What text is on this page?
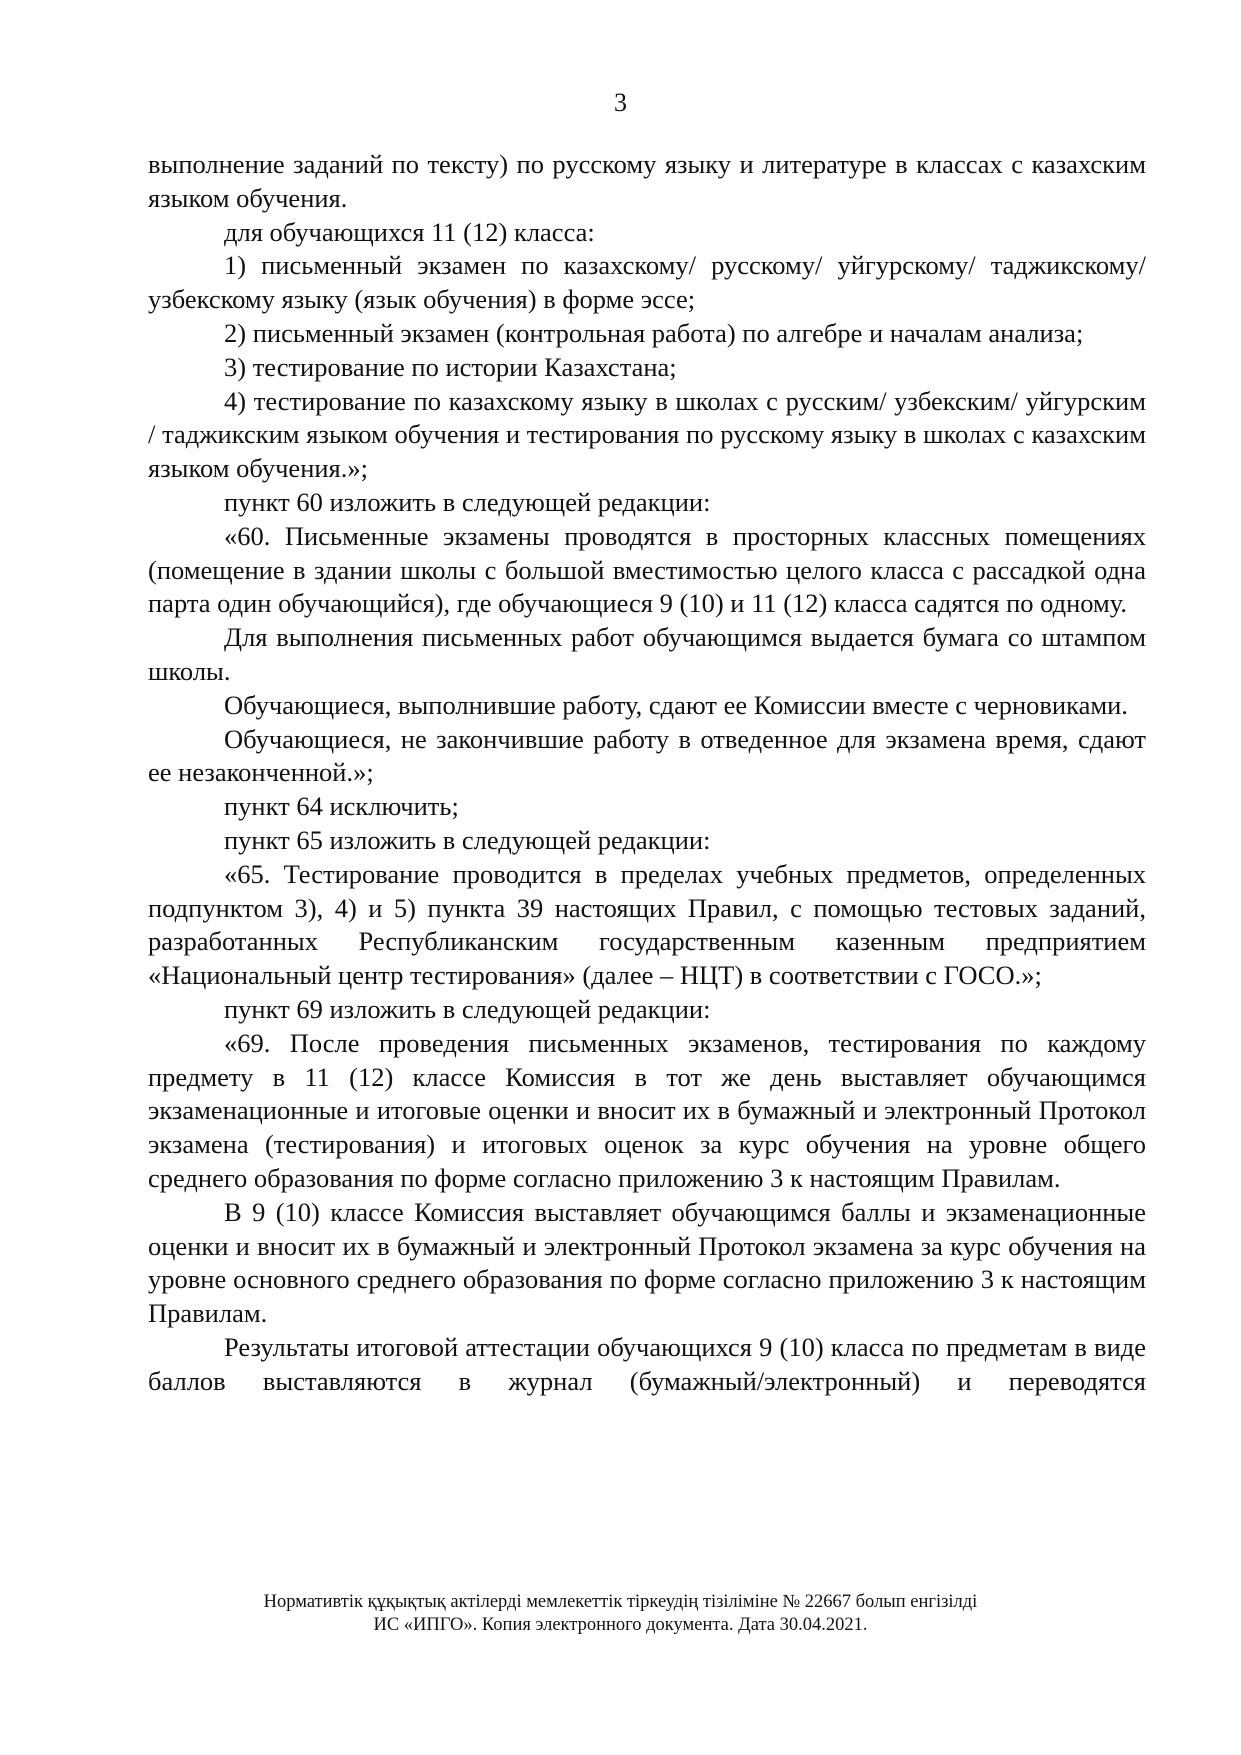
3

выполнение заданий по тексту) по русскому языку и литературе в классах с казахским языком обучения.

для обучающихся 11 (12) класса:

1) письменный экзамен по казахскому/ русскому/ уйгурскому/ таджикскому/ узбекскому языку (язык обучения) в форме эссе;

2) письменный экзамен (контрольная работа) по алгебре и началам анализа;

3) тестирование по истории Казахстана;

4) тестирование по казахскому языку в школах с русским/ узбекским/ уйгурским / таджикским языком обучения и тестирования по русскому языку в школах с казахским языком обучения.»;

пункт 60 изложить в следующей редакции:

«60. Письменные экзамены проводятся в просторных классных помещениях (помещение в здании школы с большой вместимостью целого класса с рассадкой одна парта один обучающийся), где обучающиеся 9 (10) и 11 (12) класса садятся по одному.

Для выполнения письменных работ обучающимся выдается бумага со штампом школы.

Обучающиеся, выполнившие работу, сдают ее Комиссии вместе с черновиками.

Обучающиеся, не закончившие работу в отведенное для экзамена время, сдают ее незаконченной.»;

пункт 64 исключить;

пункт 65 изложить в следующей редакции:

«65. Тестирование проводится в пределах учебных предметов, определенных подпунктом 3), 4) и 5) пункта 39 настоящих Правил, с помощью тестовых заданий, разработанных Республиканским государственным казенным предприятием «Национальный центр тестирования» (далее – НЦТ) в соответствии с ГОСО.»;

пункт 69 изложить в следующей редакции:

«69. После проведения письменных экзаменов, тестирования по каждому предмету в 11 (12) классе Комиссия в тот же день выставляет обучающимся экзаменационные и итоговые оценки и вносит их в бумажный и электронный Протокол экзамена (тестирования) и итоговых оценок за курс обучения на уровне общего среднего образования по форме согласно приложению 3 к настоящим Правилам.

В 9 (10) классе Комиссия выставляет обучающимся баллы и экзаменационные оценки и вносит их в бумажный и электронный Протокол экзамена за курс обучения на уровне основного среднего образования по форме согласно приложению 3 к настоящим Правилам.

Результаты итоговой аттестации обучающихся 9 (10) класса по предметам в виде баллов выставляются в журнал (бумажный/электронный) и переводятся

Нормативтік құқықтық актілерді мемлекеттік тіркеудің тізіліміне № 22667 болып енгізілді
ИС «ИПГО». Копия электронного документа. Дата 30.04.2021.
